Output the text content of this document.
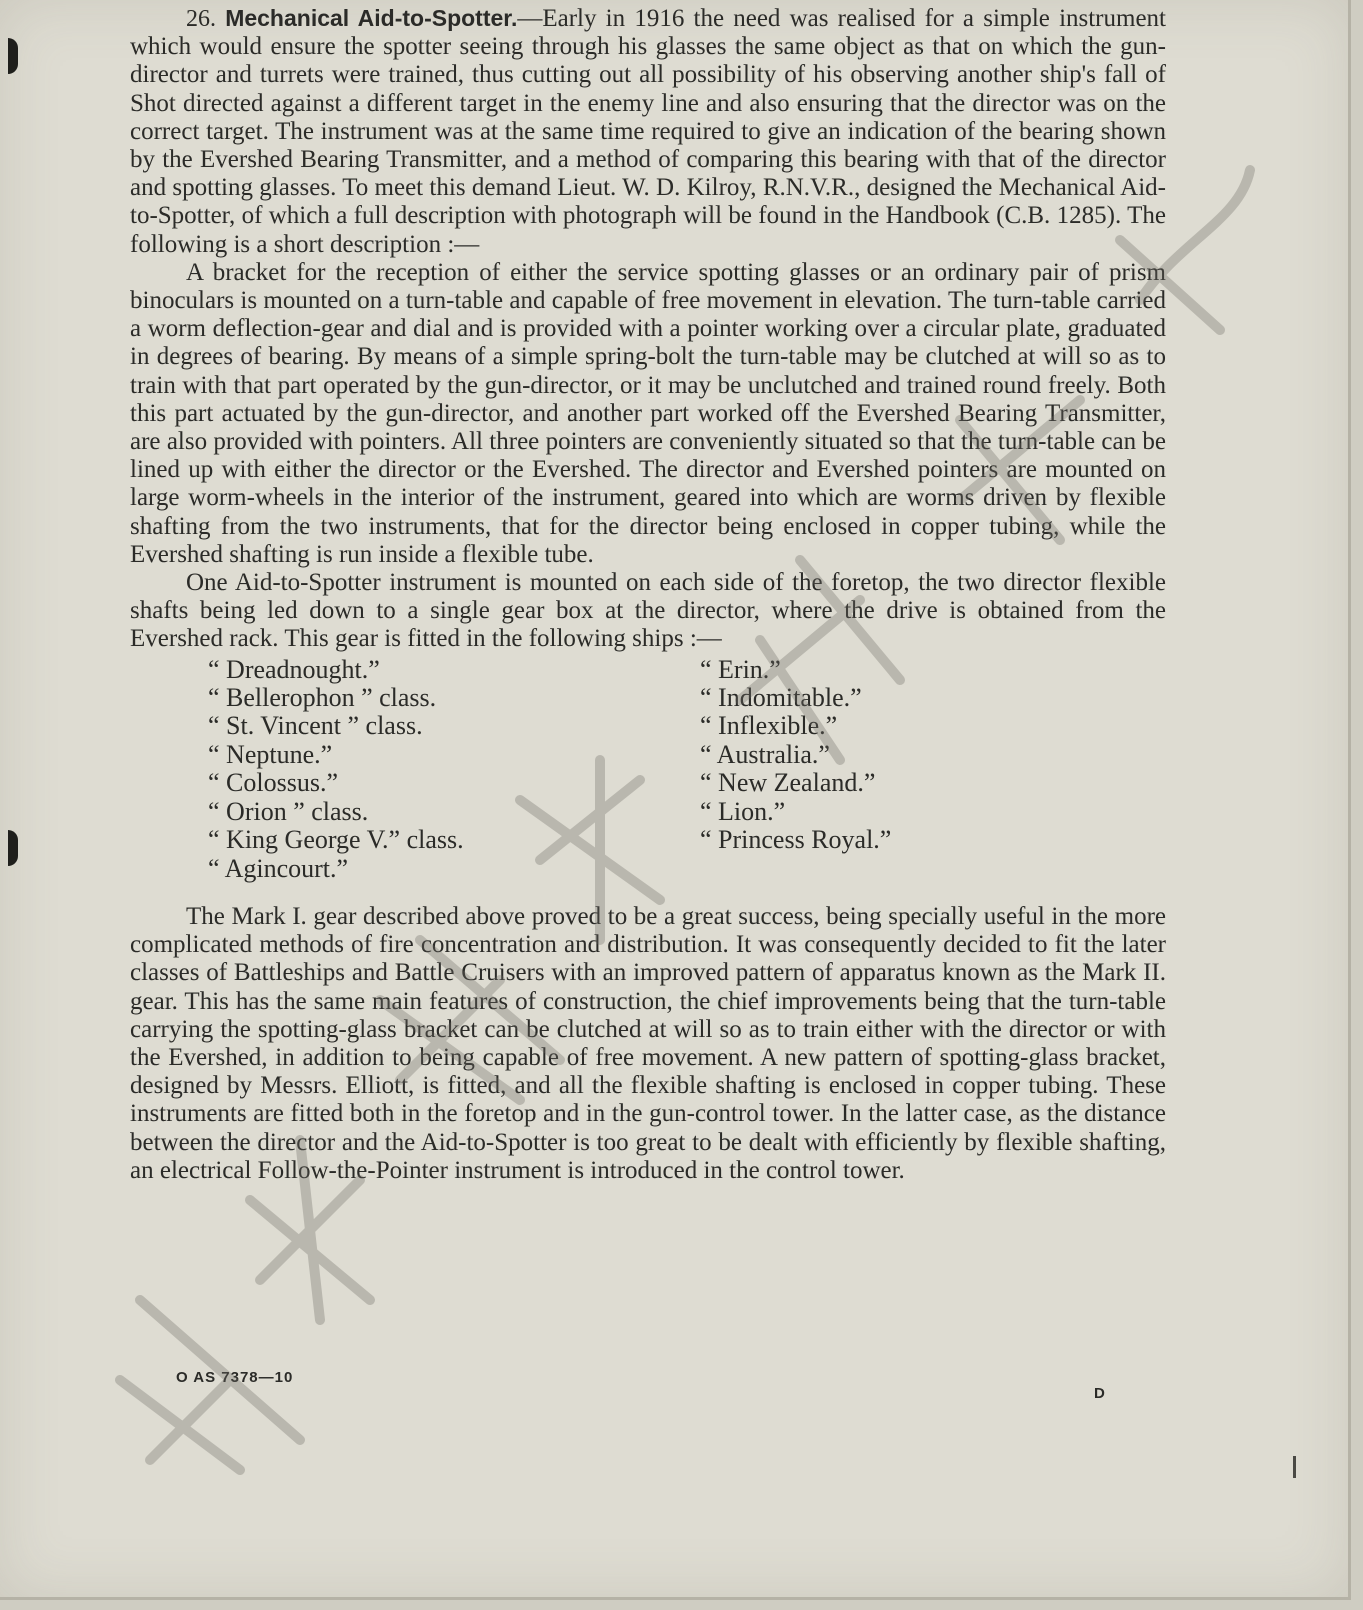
26. Mechanical Aid-to-Spotter.—Early in 1916 the need was realised for a simple instrument which would ensure the spotter seeing through his glasses the same object as that on which the gun-director and turrets were trained, thus cutting out all possibility of his observing another ship's fall of Shot directed against a different target in the enemy line and also ensuring that the director was on the correct target. The instrument was at the same time required to give an indication of the bearing shown by the Evershed Bearing Transmitter, and a method of comparing this bearing with that of the director and spotting glasses. To meet this demand Lieut. W. D. Kilroy, R.N.V.R., designed the Mechanical Aid-to-Spotter, of which a full description with photograph will be found in the Handbook (C.B. 1285). The following is a short description :—

A bracket for the reception of either the service spotting glasses or an ordinary pair of prism binoculars is mounted on a turn-table and capable of free movement in elevation. The turn-table carried a worm deflection-gear and dial and is provided with a pointer working over a circular plate, graduated in degrees of bearing. By means of a simple spring-bolt the turn-table may be clutched at will so as to train with that part operated by the gun-director, or it may be unclutched and trained round freely. Both this part actuated by the gun-director, and another part worked off the Evershed Bearing Transmitter, are also provided with pointers. All three pointers are conveniently situated so that the turn-table can be lined up with either the director or the Evershed. The director and Evershed pointers are mounted on large worm-wheels in the interior of the instrument, geared into which are worms driven by flexible shafting from the two instruments, that for the director being enclosed in copper tubing, while the Evershed shafting is run inside a flexible tube.

One Aid-to-Spotter instrument is mounted on each side of the foretop, the two director flexible shafts being led down to a single gear box at the director, where the drive is obtained from the Evershed rack. This gear is fitted in the following ships :—

“ Dreadnought.”
“ Bellerophon ” class.
“ St. Vincent ” class.
“ Neptune.”
“ Colossus.”
“ Orion ” class.
“ King George V.” class.
“ Agincourt.”
“ Erin.”
“ Indomitable.”
“ Inflexible.”
“ Australia.”
“ New Zealand.”
“ Lion.”
“ Princess Royal.”

The Mark I. gear described above proved to be a great success, being specially useful in the more complicated methods of fire concentration and distribution. It was consequently decided to fit the later classes of Battleships and Battle Cruisers with an improved pattern of apparatus known as the Mark II. gear. This has the same main features of construction, the chief improvements being that the turn-table carrying the spotting-glass bracket can be clutched at will so as to train either with the director or with the Evershed, in addition to being capable of free movement. A new pattern of spotting-glass bracket, designed by Messrs. Elliott, is fitted, and all the flexible shafting is enclosed in copper tubing. These instruments are fitted both in the foretop and in the gun-control tower. In the latter case, as the distance between the director and the Aid-to-Spotter is too great to be dealt with efficiently by flexible shafting, an electrical Follow-the-Pointer instrument is introduced in the control tower.

O AS 7378—10
D
